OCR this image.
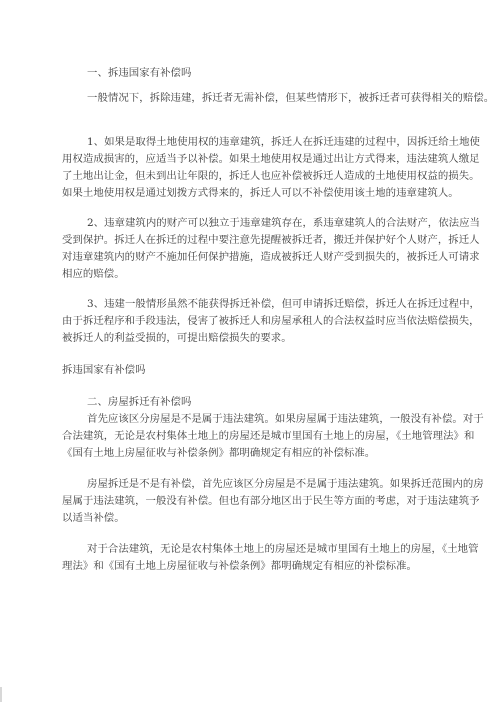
一、拆违国家有补偿吗
一般情况下，拆除违建，拆迁者无需补偿，但某些情形下，被拆迁者可获得相关的赔偿。
1、如果是取得土地使用权的违章建筑，拆迁人在拆迁违建的过程中，因拆迁给土地使
用权造成损害的，应适当予以补偿。如果土地使用权是通过出让方式得来，违法建筑人缴足
了土地出让金，但未到出让年限的，拆迁人也应补偿被拆迁人造成的土地使用权益的损失。
如果土地使用权是通过划拨方式得来的，拆迁人可以不补偿使用该土地的违章建筑人。
2、违章建筑内的财产可以独立于违章建筑存在，系违章建筑人的合法财产，依法应当
受到保护。拆迁人在拆迁的过程中要注意先提醒被拆迁者，搬迁并保护好个人财产，拆迁人
对违章建筑内的财产不施加任何保护措施，造成被拆迁人财产受到损失的，被拆迁人可请求
相应的赔偿。
3、违建一般情形虽然不能获得拆迁补偿，但可申请拆迁赔偿，拆迁人在拆迁过程中，
由于拆迁程序和手段违法，侵害了被拆迁人和房屋承租人的合法权益时应当依法赔偿损失，
被拆迁人的利益受损的，可提出赔偿损失的要求。
拆违国家有补偿吗
二、房屋拆迁有补偿吗
首先应该区分房屋是不是属于违法建筑。如果房屋属于违法建筑，一般没有补偿。对于
合法建筑，无论是农村集体土地上的房屋还是城市里国有土地上的房屋，《土地管理法》和
《国有土地上房屋征收与补偿条例》都明确规定有相应的补偿标准。
房屋拆迁是不是有补偿，首先应该区分房屋是不是属于违法建筑。如果拆迁范围内的房
屋属于违法建筑，一般没有补偿。但也有部分地区出于民生等方面的考虑，对于违法建筑予
以适当补偿。
对于合法建筑，无论是农村集体土地上的房屋还是城市里国有土地上的房屋，《土地管
理法》和《国有土地上房屋征收与补偿条例》都明确规定有相应的补偿标准。
